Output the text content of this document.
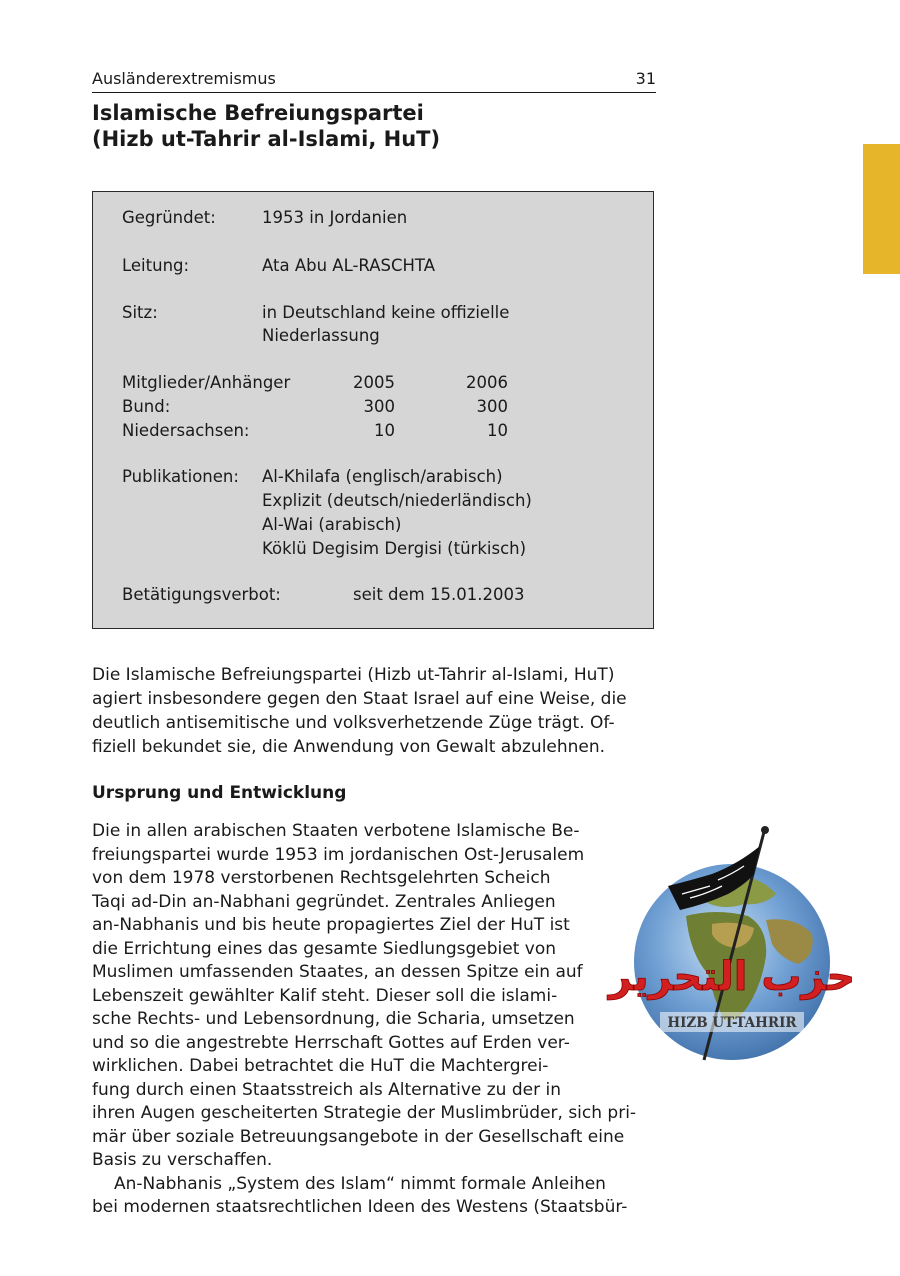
Ausländerextremismus	31
Islamische Befreiungspartei
(Hizb ut-Tahrir al-Islami, HuT)
Gegründet:	1953 in Jordanien
Leitung:	Ata Abu AL-RASCHTA
Sitz:	in Deutschland keine offizielle
Niederlassung
Mitglieder/Anhänger	2005	2006
Bund:	300	300
Niedersachsen:	10	10
Publikationen: Al-Khilafa (englisch/arabisch)
Explizit (deutsch/niederländisch)
Al-Wai (arabisch)
Köklü Degisim Dergisi (türkisch)
Betätigungsverbot:	seit dem 15.01.2003

Die Islamische Befreiungspartei (Hizb ut-Tahrir al-Islami, HuT)
agiert insbesondere gegen den Staat Israel auf eine Weise, die
deutlich antisemitische und volksverhetzende Züge trägt. Of-
fiziell bekundet sie, die Anwendung von Gewalt abzulehnen.

Ursprung und Entwicklung
Die in allen arabischen Staaten verbotene Islamische Be-
freiungspartei wurde 1953 im jordanischen Ost-Jerusalem
von dem 1978 verstorbenen Rechtsgelehrten Scheich
Taqi ad-Din an-Nabhani gegründet. Zentrales Anliegen
an-Nabhanis und bis heute propagiertes Ziel der HuT ist
die Errichtung eines das gesamte Siedlungsgebiet von
Muslimen umfassenden Staates, an dessen Spitze ein auf
Lebenszeit gewählter Kalif steht. Dieser soll die islami-
sche Rechts- und Lebensordnung, die Scharia, umsetzen
und so die angestrebte Herrschaft Gottes auf Erden ver-
wirklichen. Dabei betrachtet die HuT die Machtergrei-
fung durch einen Staatsstreich als Alternative zu der in
ihren Augen gescheiterten Strategie der Muslimbrüder, sich pri-
mär über soziale Betreuungsangebote in der Gesellschaft eine
Basis zu verschaffen.
An-Nabhanis „System des Islam“ nimmt formale Anleihen
bei modernen staatsrechtlichen Ideen des Westens (Staatsbür-
حزب التحرير
HIZB UT-TAHRIR
